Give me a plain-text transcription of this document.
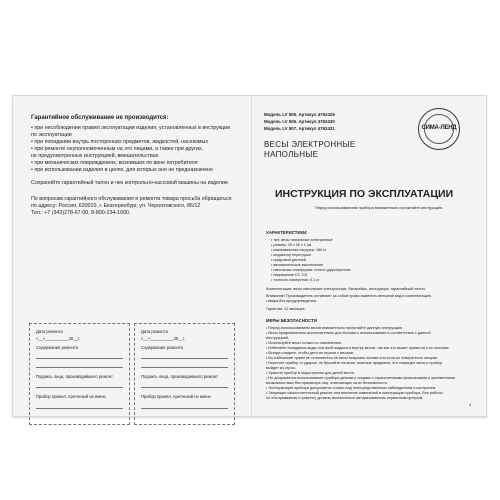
Гарантийное обслуживание не производится:
• при несоблюдении правил эксплуатации изделия, установленных в инструкции
по эксплуатации
• при попадании внутрь посторонних предметов, жидкостей, насекомых
• при ремонте неуполномоченным на это лицами, а также при других,
не предусмотренных инструкцией, вмешательствах
• при механических повреждениях, возникших по вине потребителя
• при использовании изделия в целях, для которых оно не предназначено
Сохраняйте гарантийный талон и чек контрольно-кассовой машины на изделие.
По вопросам гарантийного обслуживания и ремонта товара просьба обращаться
по адресу: Россия, 620010, г. Екатеринбург, ул. Черняховского, 86/12
Тел.: +7 (343)278-67-00, 8-800-234-1000.
Дата ремонта
«__»__________20__г.
Содержание ремонта
Подпись лица, производившего ремонт
Прибор принял, претензий не имею
Дата ремонта
«__»__________20__г.
Содержание ремонта
Подпись лица, производившего ремонт
Прибор принял, претензий не имею
Модель LV 505. Артикул 4762429
Модель LV 506. Артикул 4762430
Модель LV 507. Артикул 4762431	СИМА-ЛЕНД
ВЕСЫ ЭЛЕКТРОННЫЕ
НАПОЛЬНЫЕ
ИНСТРУКЦИЯ ПО ЭКСПЛУАТАЦИИ
Перед использованием прибора внимательно прочитайте инструкцию.
ХАРАКТЕРИСТИКИ:
• тип: весы напольные электронные
• размер: 26 х 26 х 2 см
• максимальная нагрузка: 180 кг
• индикатор перегрузки
• цифровой дисплей
• автоматическое выключение
• напольная платформа: стекло ударопрочное
• напряжение DC 3 В
• точность измерения: 0,1 кг
Комплектация: весы напольные электронные, батарейка, инструкция, гарантийный талон.
Внимание! Производитель оставляет за собой право изменять внешний вид и комплектацию
товара без предупреждения.
Гарантия: 12 месяцев.
МЕРЫ БЕЗОПАСНОСТИ
• Перед использованием весов внимательно прочитайте данную инструкцию.
• Весы предназначены исключительно для бытового использования в соответствии с данной
инструкцией.
• Используйте весы только по назначению.
• Избегайте попадания воды или иной жидкости внутрь весов, так как это может привести к их поломке.
• Всегда следите, чтобы дети не играли с весами.
• Во избежание травм не становитесь на весы мокрыми ногами или если их поверхность мокрая.
• Берегите прибор от ударов, не бросайте на весы тяжелые предметы, это повредит весы и прибор
выйдет из строя.
• Хранить прибор в недоступном для детей месте.
• Не допускается использование прибора детьми и лицами с ограниченными физическими и умственными
возможностями без присмотра лиц, отвечающих за их безопасность.
• Эксплуатация прибора допускается только под непосредственным наблюдением и контролем.
• Запрещен самостоятельный ремонт или внесение изменений в конструкцию прибора. Все работы
по обслуживанию и ремонту должны выполняться авторизованным сервисным центром.
4
